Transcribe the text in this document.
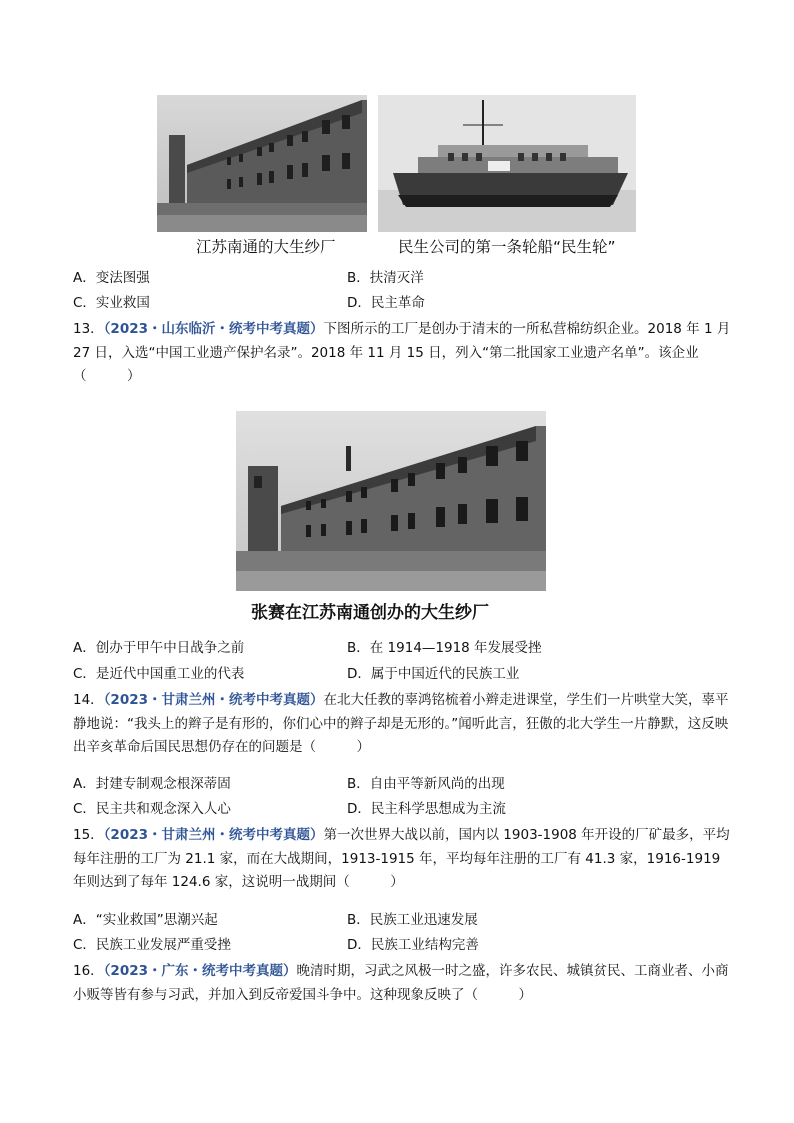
江苏南通的大生纱厂	民生公司的第一条轮船“民生轮”
A．变法图强	B．扶清灭洋
C．实业救国	D．民主革命
13．（2023・山东临沂・统考中考真题）下图所示的工厂是创办于清末的一所私营棉纺织企业。2018 年 1 月 27 日，入选“中国工业遗产保护名录”。2018 年 11 月 15 日，列入“第二批国家工业遗产名单”。该企业（　　　）
张赛在江苏南通创办的大生纱厂
A．创办于甲午中日战争之前	B．在 1914—1918 年发展受挫
C．是近代中国重工业的代表	D．属于中国近代的民族工业
14．（2023・甘肃兰州・统考中考真题）在北大任教的辜鸿铭梳着小辫走进课堂，学生们一片哄堂大笑，辜平静地说：“我头上的辫子是有形的，你们心中的辫子却是无形的。”闻听此言，狂傲的北大学生一片静默，这反映出辛亥革命后国民思想仍存在的问题是（　　　）
A．封建专制观念根深蒂固	B．自由平等新风尚的出现
C．民主共和观念深入人心	D．民主科学思想成为主流
15．（2023・甘肃兰州・统考中考真题）第一次世界大战以前，国内以 1903-1908 年开设的厂矿最多，平均每年注册的工厂为 21.1 家，而在大战期间，1913-1915 年，平均每年注册的工厂有 41.3 家，1916-1919 年则达到了每年 124.6 家，这说明一战期间（　　　）
A．“实业救国”思潮兴起	B．民族工业迅速发展
C．民族工业发展严重受挫	D．民族工业结构完善
16．（2023・广东・统考中考真题）晚清时期，习武之风极一时之盛，许多农民、城镇贫民、工商业者、小商小贩等皆有参与习武，并加入到反帝爱国斗争中。这种现象反映了（　　　）
